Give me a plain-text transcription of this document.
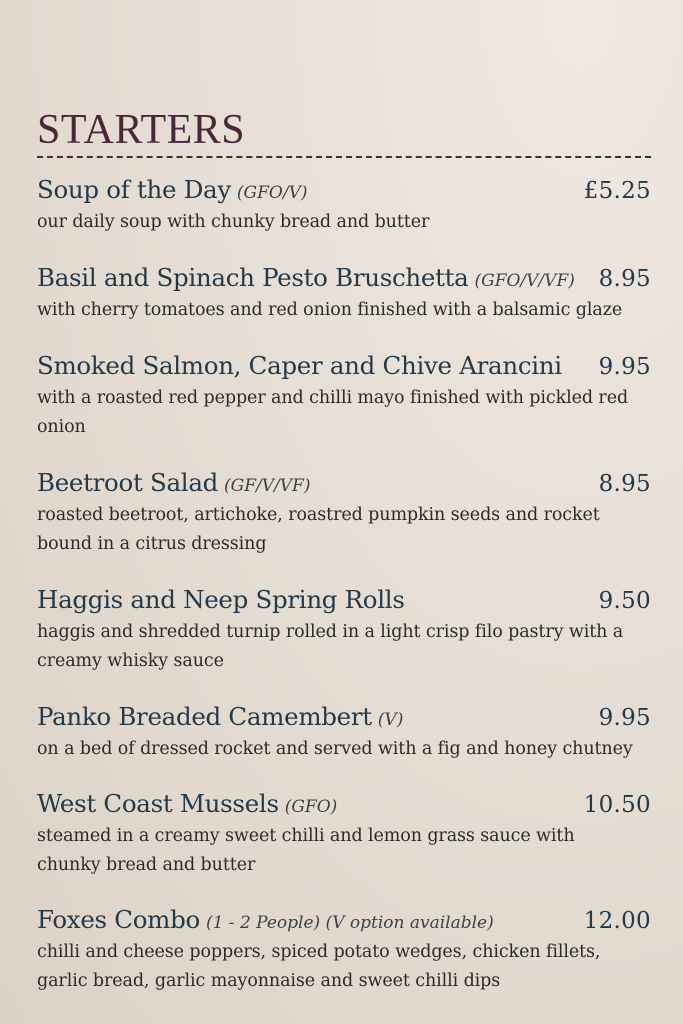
STARTERS
Soup of the Day (GFO/V)	£5.25
our daily soup with chunky bread and butter
Basil and Spinach Pesto Bruschetta (GFO/V/VF) 8.95
with cherry tomatoes and red onion finished with a balsamic glaze
Smoked Salmon, Caper and Chive Arancini 9.95
with a roasted red pepper and chilli mayo finished with pickled red onion
Beetroot Salad (GF/V/VF)	8.95
roasted beetroot, artichoke, roastred pumpkin seeds and rocket bound in a citrus dressing
Haggis and Neep Spring Rolls	9.50
haggis and shredded turnip rolled in a light crisp filo pastry with a creamy whisky sauce
Panko Breaded Camembert (V)	9.95
on a bed of dressed rocket and served with a fig and honey chutney
West Coast Mussels (GFO)	10.50
steamed in a creamy sweet chilli and lemon grass sauce with chunky bread and butter
Foxes Combo (1 - 2 People) (V option available)	12.00
chilli and cheese poppers, spiced potato wedges, chicken fillets, garlic bread, garlic mayonnaise and sweet chilli dips
